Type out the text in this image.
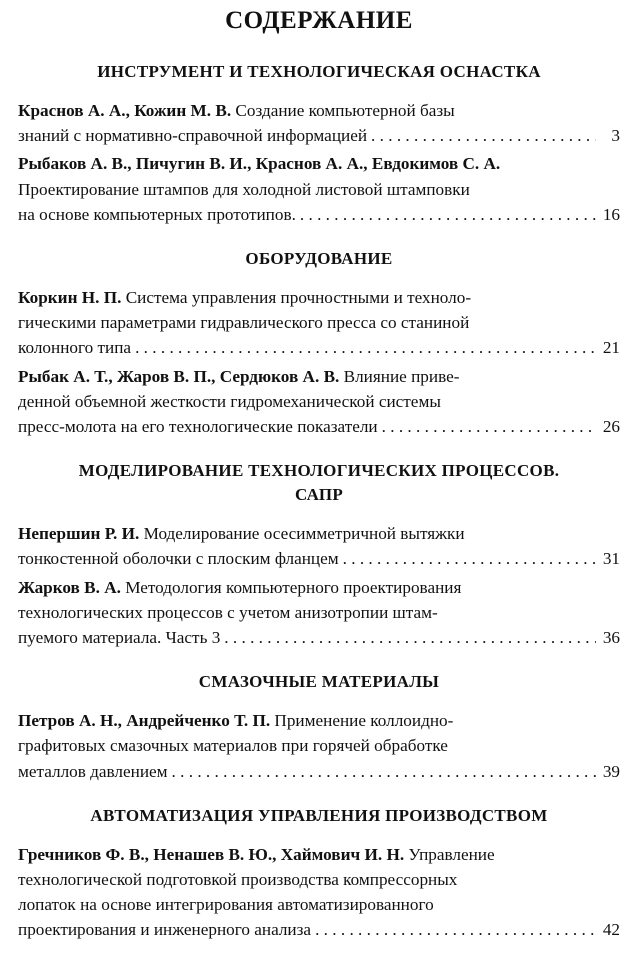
СОДЕРЖАНИЕ
ИНСТРУМЕНТ И ТЕХНОЛОГИЧЕСКАЯ ОСНАСТКА
Краснов А. А., Кожин М. В. Создание компьютерной базы
знаний с нормативно-справочной информацией . . .	3
Рыбаков А. В., Пичугин В. И., Краснов А. А., Евдокимов С. А.
Проектирование штампов для холодной листовой штамповки
на основе компьютерных прототипов. . . .	16
ОБОРУДОВАНИЕ
Коркин Н. П. Система управления прочностными и техноло-
гическими параметрами гидравлического пресса со станиной
колонного типа . . .	21
Рыбак А. Т., Жаров В. П., Сердюков А. В. Влияние приве-
денной объемной жесткости гидромеханической системы
пресс-молота на его технологические показатели . . .	26
МОДЕЛИРОВАНИЕ ТЕХНОЛОГИЧЕСКИХ ПРОЦЕССОВ.
САПР
Непершин Р. И. Моделирование осесимметричной вытяжки
тонкостенной оболочки с плоским фланцем . . .	31
Жарков В. А. Методология компьютерного проектирования
технологических процессов с учетом анизотропии штам-
пуемого материала. Часть 3 . . .	36
СМАЗОЧНЫЕ МАТЕРИАЛЫ
Петров А. Н., Андрейченко Т. П. Применение коллоидно-
графитовых смазочных материалов при горячей обработке
металлов давлением . . .	39
АВТОМАТИЗАЦИЯ УПРАВЛЕНИЯ ПРОИЗВОДСТВОМ
Гречников Ф. В., Ненашев В. Ю., Хаймович И. Н. Управление
технологической подготовкой производства компрессорных
лопаток на основе интегрирования автоматизированного
проектирования и инженерного анализа . . .	42
